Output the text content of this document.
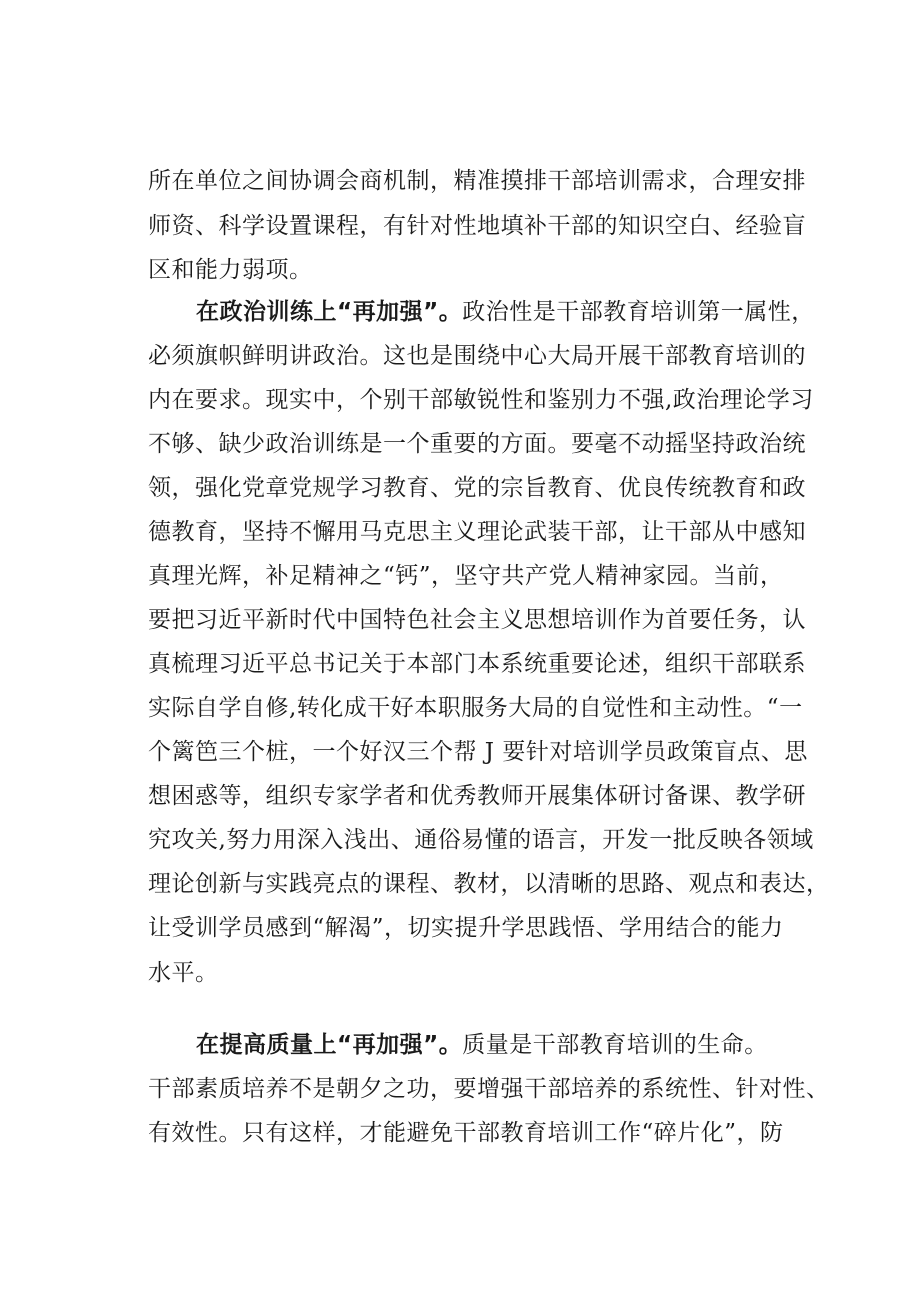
所在单位之间协调会商机制，精准摸排干部培训需求，合理安排
师资、科学设置课程，有针对性地填补干部的知识空白、经验盲
区和能力弱项。
在政治训练上“再加强”。政治性是干部教育培训第一属性，
必须旗帜鲜明讲政治。这也是围绕中心大局开展干部教育培训的
内在要求。现实中，个别干部敏锐性和鉴别力不强,政治理论学习
不够、缺少政治训练是一个重要的方面。要毫不动摇坚持政治统
领，强化党章党规学习教育、党的宗旨教育、优良传统教育和政
德教育，坚持不懈用马克思主义理论武装干部，让干部从中感知
真理光辉，补足精神之“钙”，坚守共产党人精神家园。当前，
要把习近平新时代中国特色社会主义思想培训作为首要任务，认
真梳理习近平总书记关于本部门本系统重要论述，组织干部联系
实际自学自修,转化成干好本职服务大局的自觉性和主动性。“一
个篱笆三个桩，一个好汉三个帮 J 要针对培训学员政策盲点、思
想困惑等，组织专家学者和优秀教师开展集体研讨备课、教学研
究攻关,努力用深入浅出、通俗易懂的语言，开发一批反映各领域
理论创新与实践亮点的课程、教材，以清晰的思路、观点和表达，
让受训学员感到“解渴”，切实提升学思践悟、学用结合的能力
水平。
在提高质量上“再加强”。质量是干部教育培训的生命。
干部素质培养不是朝夕之功，要增强干部培养的系统性、针对性、
有效性。只有这样，才能避免干部教育培训工作“碎片化”，防
